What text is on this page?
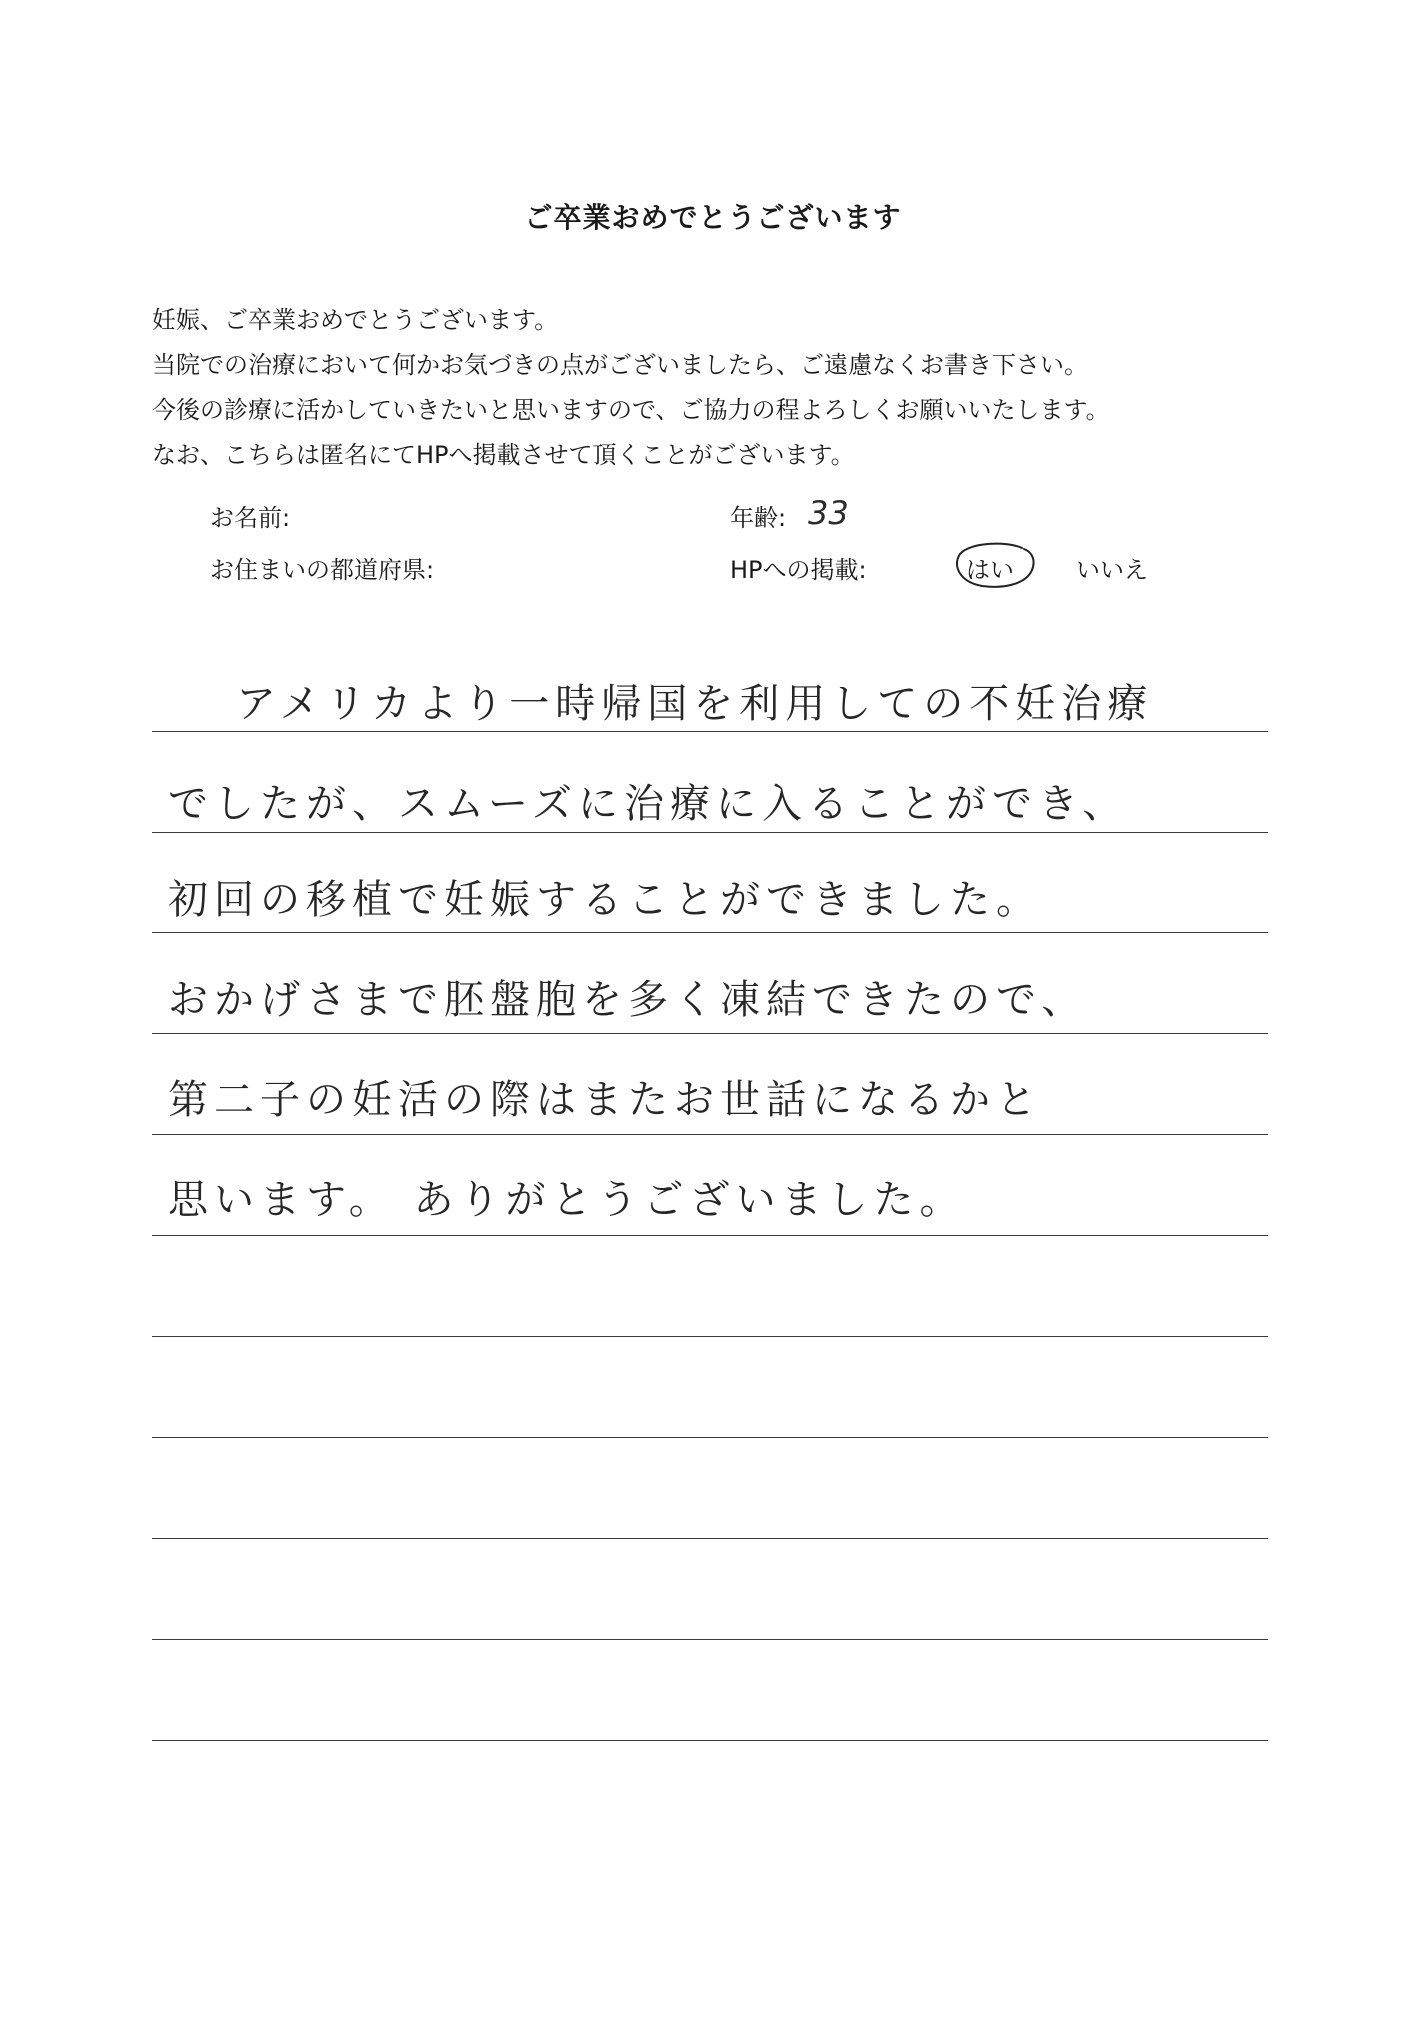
ご卒業おめでとうございます

妊娠、ご卒業おめでとうございます。

当院での治療において何かお気づきの点がございましたら、ご遠慮なくお書き下さい。

今後の診療に活かしていきたいと思いますので、ご協力の程よろしくお願いいたします。

なお、こちらは匿名にてHPへ掲載させて頂くことがございます。

お名前:	年齢: 33
お住まいの都道府県:	HPへの掲載:	はい	いいえ
アメリカより一時帰国を利用しての不妊治療
でしたが、スムーズに治療に入ることができ、
初回の移植で妊娠することができました。
おかげさまで胚盤胞を多く凍結できたので、
第二子の妊活の際はまたお世話になるかと
思います。 ありがとうございました。
